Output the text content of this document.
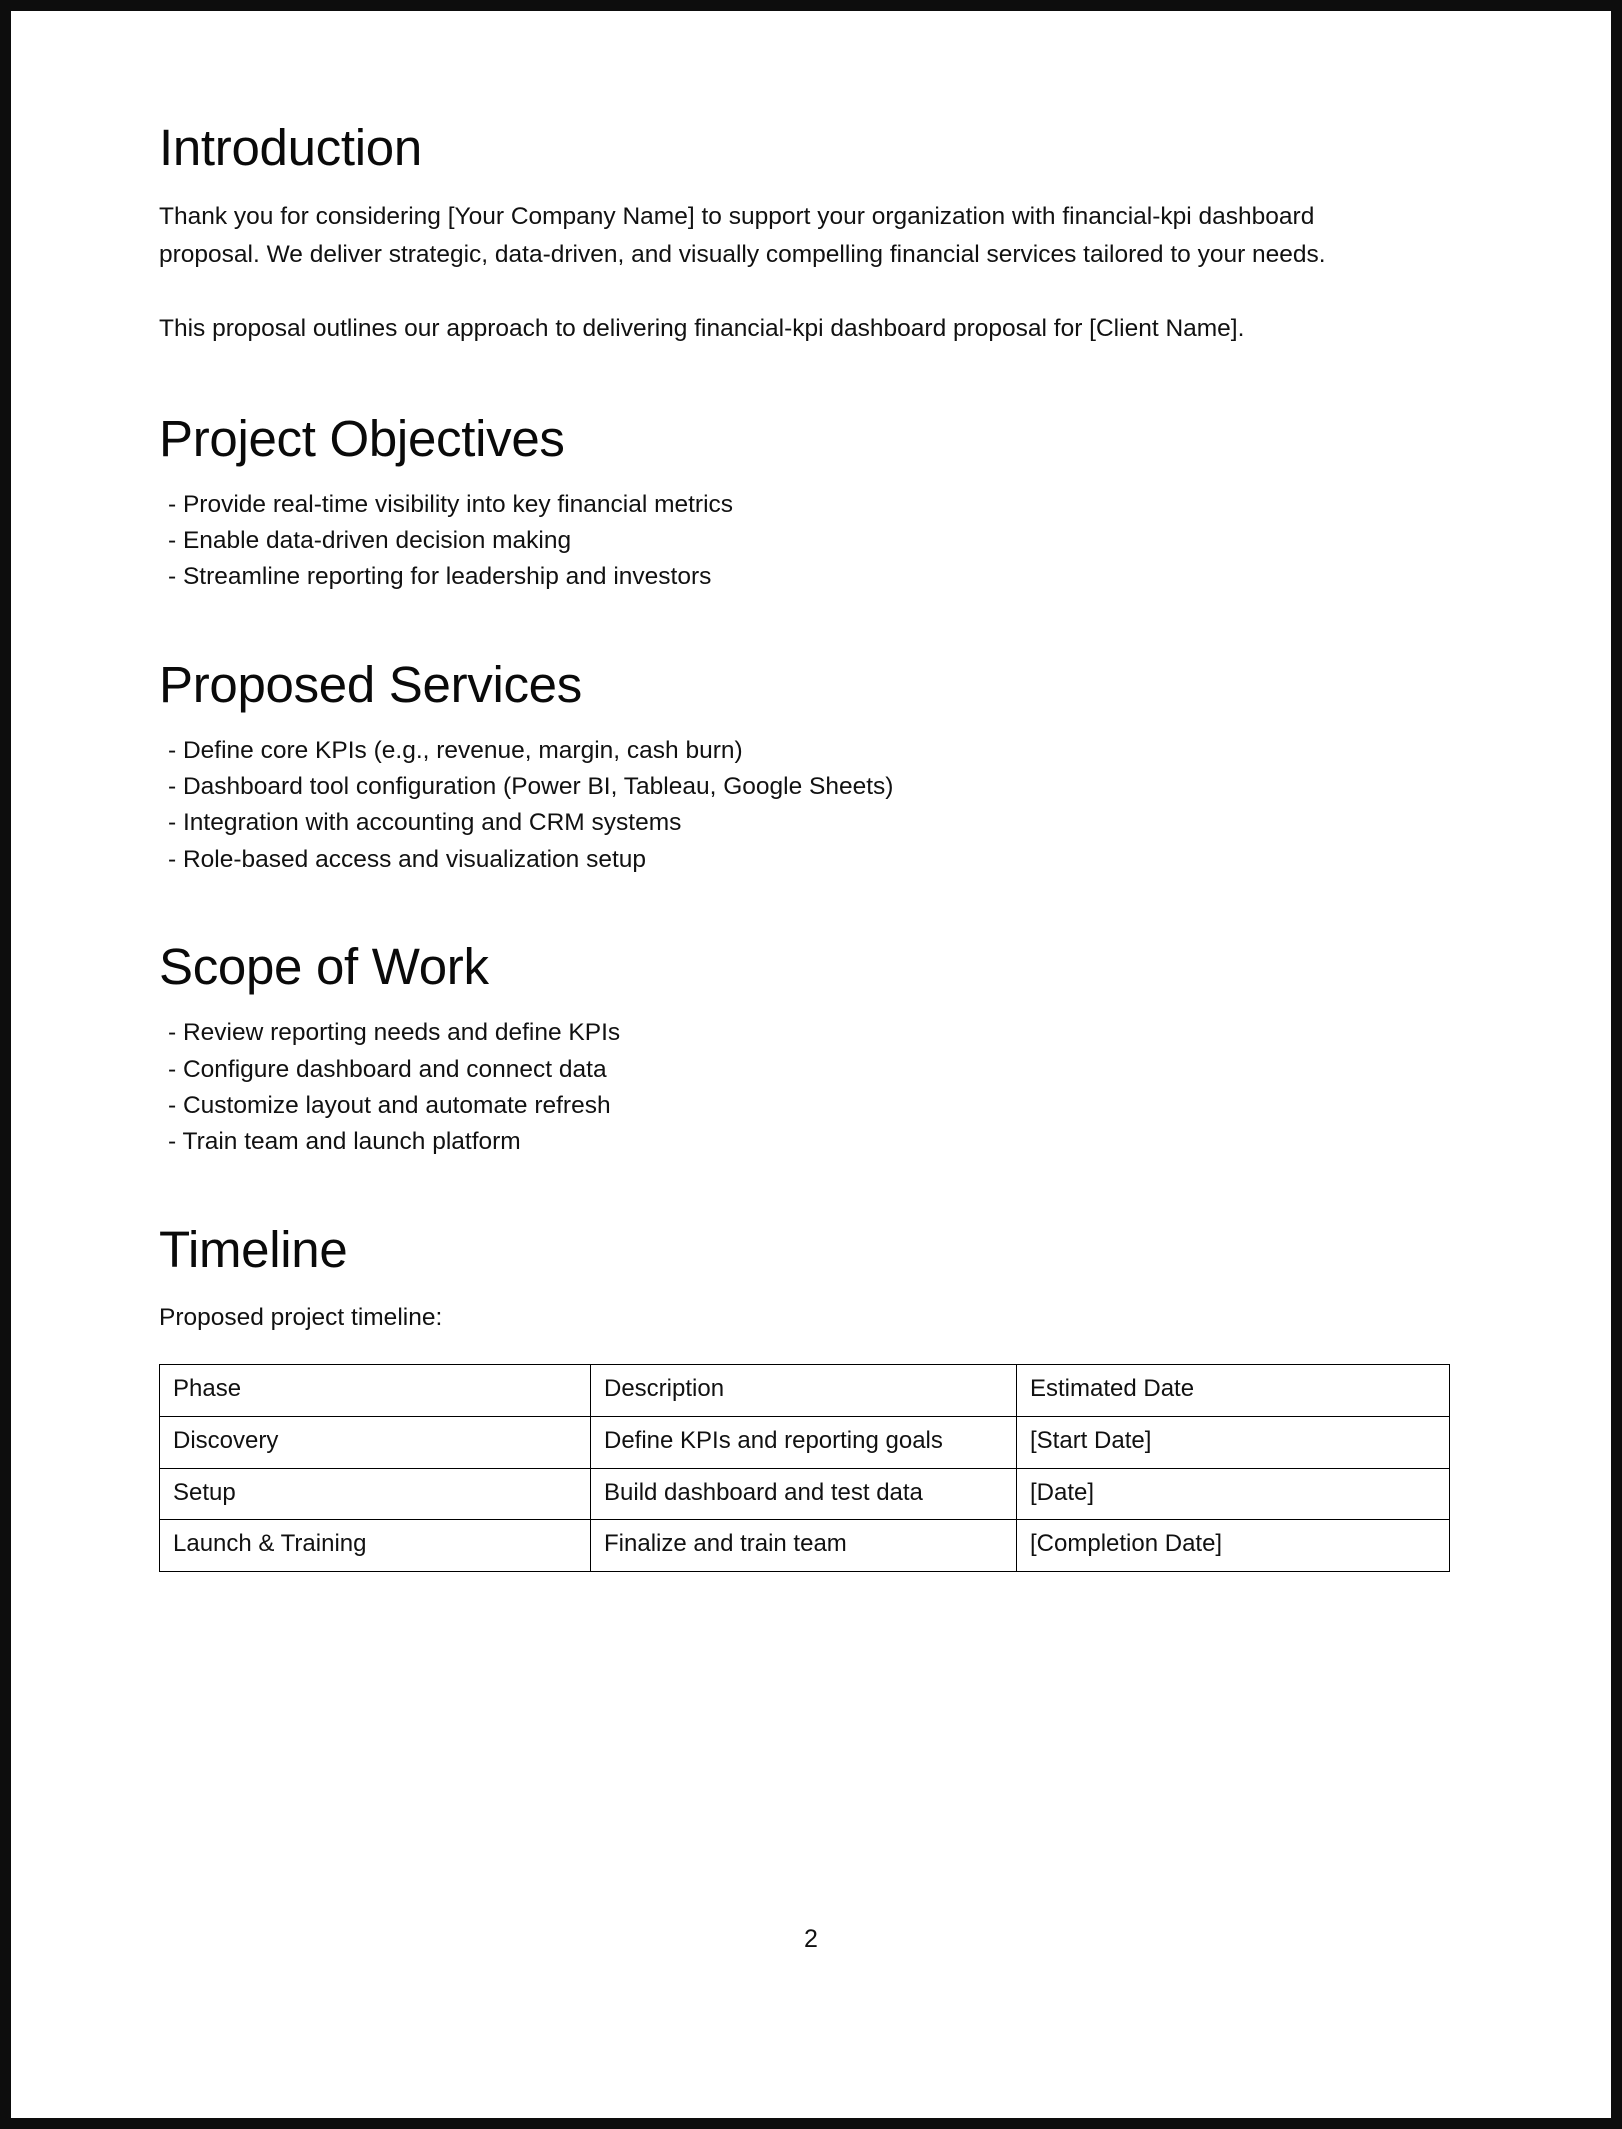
Introduction

Thank you for considering [Your Company Name] to support your organization with financial-kpi dashboard proposal. We deliver strategic, data-driven, and visually compelling financial services tailored to your needs.

This proposal outlines our approach to delivering financial-kpi dashboard proposal for [Client Name].

Project Objectives
- Provide real-time visibility into key financial metrics
- Enable data-driven decision making
- Streamline reporting for leadership and investors
Proposed Services
- Define core KPIs (e.g., revenue, margin, cash burn)
- Dashboard tool configuration (Power BI, Tableau, Google Sheets)
- Integration with accounting and CRM systems
- Role-based access and visualization setup
Scope of Work
- Review reporting needs and define KPIs
- Configure dashboard and connect data
- Customize layout and automate refresh
- Train team and launch platform
Timeline

Proposed project timeline:

Phase	Description	Estimated Date
Discovery	Define KPIs and reporting goals	[Start Date]
Setup	Build dashboard and test data	[Date]
Launch & Training	Finalize and train team	[Completion Date]
2
